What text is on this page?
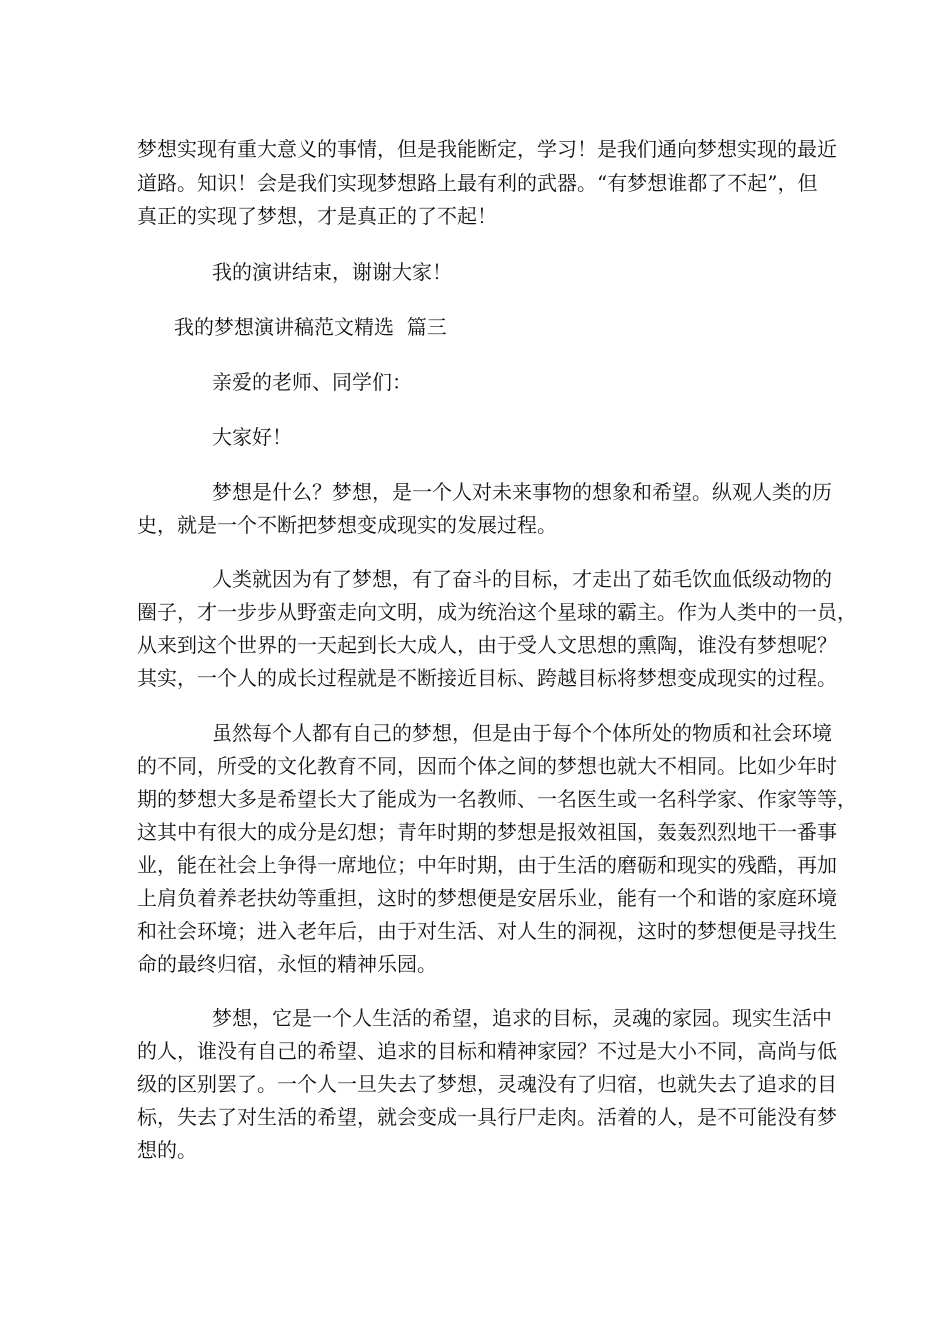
梦想实现有重大意义的事情，但是我能断定，学习！是我们通向梦想实现的最近
道路。知识！会是我们实现梦想路上最有利的武器。“有梦想谁都了不起”，但
真正的实现了梦想，才是真正的了不起！
我的演讲结束，谢谢大家！
我的梦想演讲稿范文精选  篇三
亲爱的老师、同学们：
大家好！
梦想是什么？梦想，是一个人对未来事物的想象和希望。纵观人类的历
史，就是一个不断把梦想变成现实的发展过程。
人类就因为有了梦想，有了奋斗的目标，才走出了茹毛饮血低级动物的
圈子，才一步步从野蛮走向文明，成为统治这个星球的霸主。作为人类中的一员，
从来到这个世界的一天起到长大成人，由于受人文思想的熏陶，谁没有梦想呢？
其实，一个人的成长过程就是不断接近目标、跨越目标将梦想变成现实的过程。
虽然每个人都有自己的梦想，但是由于每个个体所处的物质和社会环境
的不同，所受的文化教育不同，因而个体之间的梦想也就大不相同。比如少年时
期的梦想大多是希望长大了能成为一名教师、一名医生或一名科学家、作家等等，
这其中有很大的成分是幻想；青年时期的梦想是报效祖国，轰轰烈烈地干一番事
业，能在社会上争得一席地位；中年时期，由于生活的磨砺和现实的残酷，再加
上肩负着养老扶幼等重担，这时的梦想便是安居乐业，能有一个和谐的家庭环境
和社会环境；进入老年后，由于对生活、对人生的洞视，这时的梦想便是寻找生
命的最终归宿，永恒的精神乐园。
梦想，它是一个人生活的希望，追求的目标，灵魂的家园。现实生活中
的人，谁没有自己的希望、追求的目标和精神家园？不过是大小不同，高尚与低
级的区别罢了。一个人一旦失去了梦想，灵魂没有了归宿，也就失去了追求的目
标，失去了对生活的希望，就会变成一具行尸走肉。活着的人，是不可能没有梦
想的。
